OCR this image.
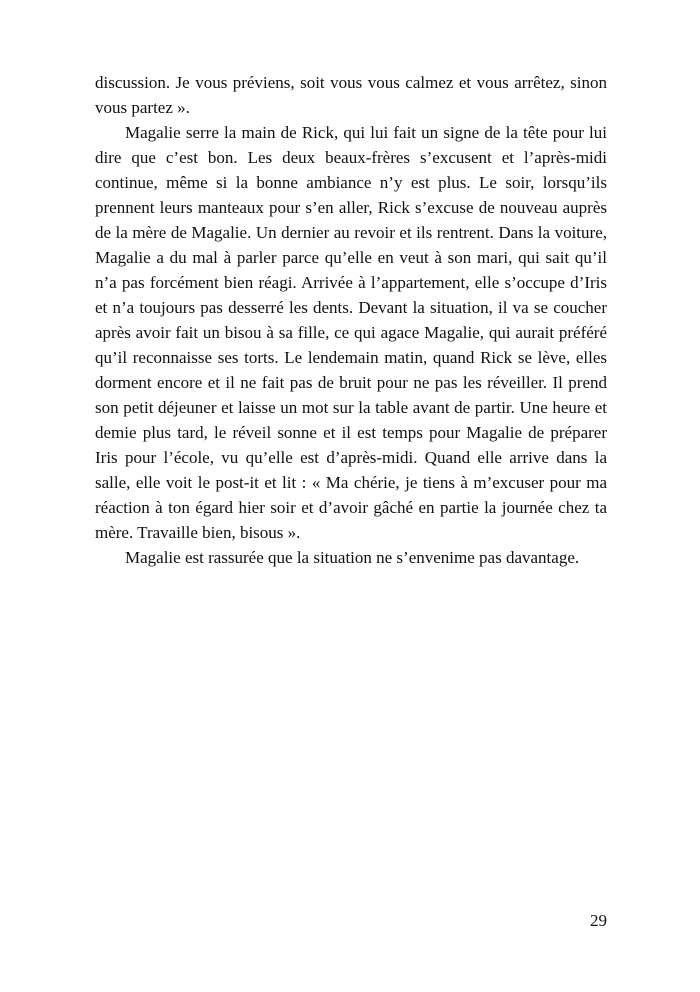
discussion. Je vous préviens, soit vous vous calmez et vous arrêtez, sinon vous partez ».

Magalie serre la main de Rick, qui lui fait un signe de la tête pour lui dire que c’est bon. Les deux beaux-frères s’excusent et l’après-midi continue, même si la bonne ambiance n’y est plus. Le soir, lorsqu’ils prennent leurs manteaux pour s’en aller, Rick s’excuse de nouveau auprès de la mère de Magalie. Un dernier au revoir et ils rentrent. Dans la voiture, Magalie a du mal à parler parce qu’elle en veut à son mari, qui sait qu’il n’a pas forcément bien réagi. Arrivée à l’appartement, elle s’occupe d’Iris et n’a toujours pas desserré les dents. Devant la situation, il va se coucher après avoir fait un bisou à sa fille, ce qui agace Magalie, qui aurait préféré qu’il reconnaisse ses torts. Le lendemain matin, quand Rick se lève, elles dorment encore et il ne fait pas de bruit pour ne pas les réveiller. Il prend son petit déjeuner et laisse un mot sur la table avant de partir. Une heure et demie plus tard, le réveil sonne et il est temps pour Magalie de préparer Iris pour l’école, vu qu’elle est d’après-midi. Quand elle arrive dans la salle, elle voit le post-it et lit : « Ma chérie, je tiens à m’excuser pour ma réaction à ton égard hier soir et d’avoir gâché en partie la journée chez ta mère. Travaille bien, bisous ».

Magalie est rassurée que la situation ne s’envenime pas davantage.

29
